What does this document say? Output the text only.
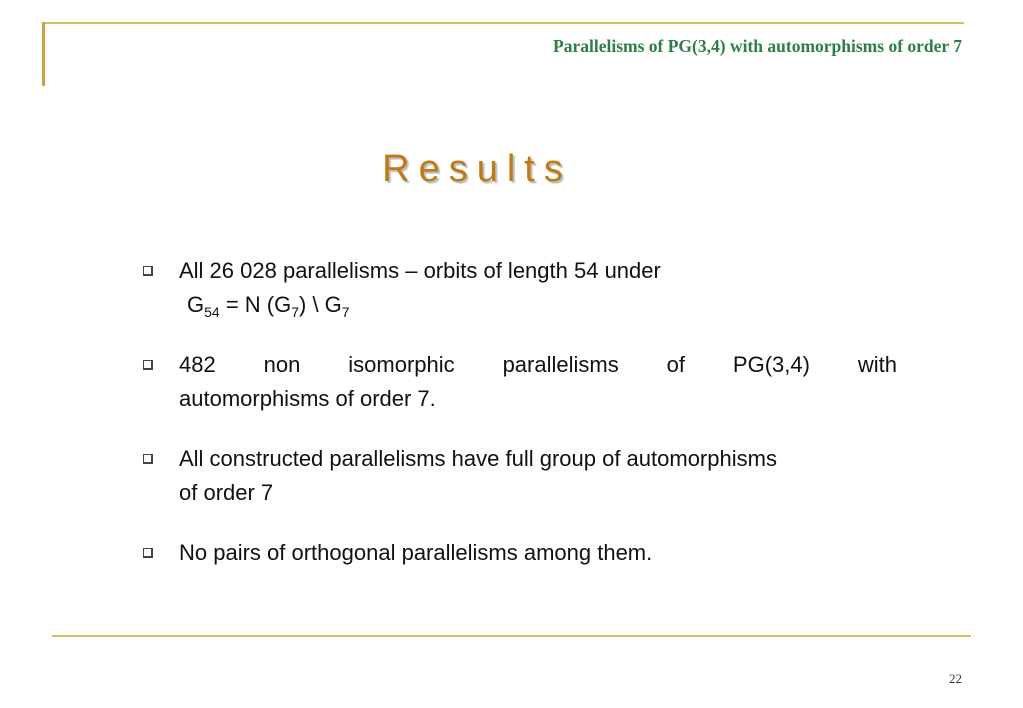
Parallelisms of PG(3,4) with automorphisms of order 7
Results
All 26 028 parallelisms – orbits of length 54 under
$G_{54} = N$ $(G_7)$ \ $G_7$
482 non isomorphic parallelisms of PG(3,4) with
automorphisms of order 7.
All constructed parallelisms have full group of automorphisms
of order 7
No pairs of orthogonal parallelisms among them.
22
